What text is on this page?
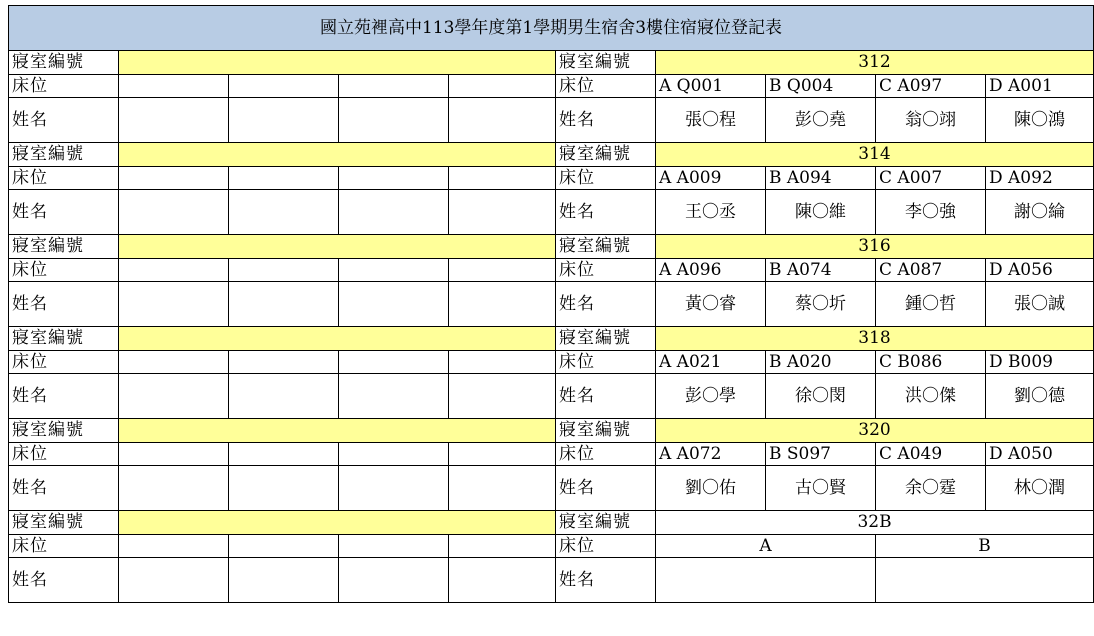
國立苑裡高中113學年度第1學期男生宿舍3樓住宿寢位登記表									
寢室編號					寢室編號	312			
床位					床位	A Q001	B Q004	C A097	D A001
姓名					姓名	張〇程	彭〇堯	翁〇翊	陳〇鴻
寢室編號					寢室編號	314			
床位					床位	A A009	B A094	C A007	D A092
姓名					姓名	王〇丞	陳〇維	李〇強	謝〇綸
寢室編號					寢室編號	316			
床位					床位	A A096	B A074	C A087	D A056
姓名					姓名	黃〇睿	蔡〇圻	鍾〇哲	張〇誠
寢室編號					寢室編號	318			
床位					床位	A A021	B A020	C B086	D B009
姓名					姓名	彭〇學	徐〇閔	洪〇傑	劉〇德
寢室編號					寢室編號	320			
床位					床位	A A072	B S097	C A049	D A050
姓名					姓名	劉〇佑	古〇賢	余〇霆	林〇潤
寢室編號					寢室編號	32B			
床位					床位	A		B	
姓名					姓名				
